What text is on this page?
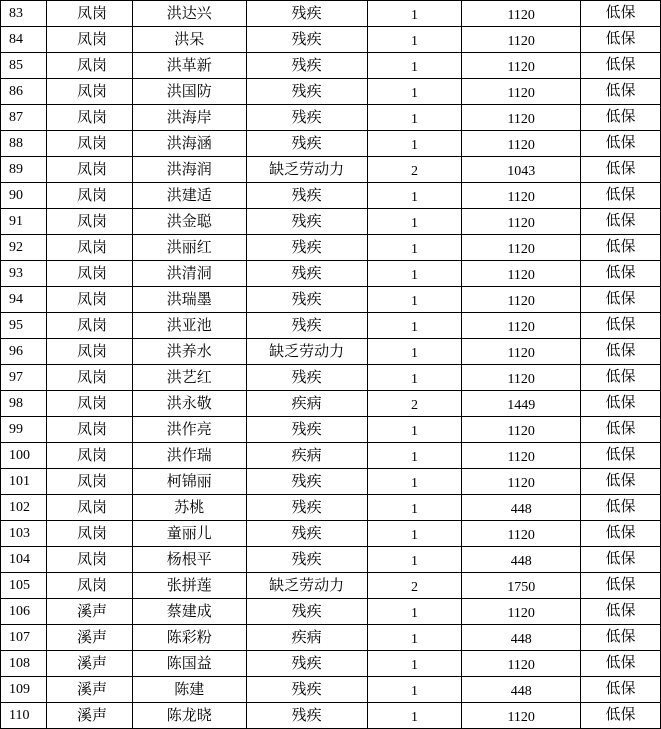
83	凤岗	洪达兴	残疾	1	1120	低保
84	凤岗	洪呆	残疾	1	1120	低保
85	凤岗	洪革新	残疾	1	1120	低保
86	凤岗	洪国防	残疾	1	1120	低保
87	凤岗	洪海岸	残疾	1	1120	低保
88	凤岗	洪海涵	残疾	1	1120	低保
89	凤岗	洪海润	缺乏劳动力	2	1043	低保
90	凤岗	洪建适	残疾	1	1120	低保
91	凤岗	洪金聪	残疾	1	1120	低保
92	凤岗	洪丽红	残疾	1	1120	低保
93	凤岗	洪清洞	残疾	1	1120	低保
94	凤岗	洪瑞墨	残疾	1	1120	低保
95	凤岗	洪亚池	残疾	1	1120	低保
96	凤岗	洪养水	缺乏劳动力	1	1120	低保
97	凤岗	洪艺红	残疾	1	1120	低保
98	凤岗	洪永敬	疾病	2	1449	低保
99	凤岗	洪作亮	残疾	1	1120	低保
100	凤岗	洪作瑞	疾病	1	1120	低保
101	凤岗	柯锦丽	残疾	1	1120	低保
102	凤岗	苏桃	残疾	1	448	低保
103	凤岗	童丽儿	残疾	1	1120	低保
104	凤岗	杨根平	残疾	1	448	低保
105	凤岗	张拼莲	缺乏劳动力	2	1750	低保
106	溪声	蔡建成	残疾	1	1120	低保
107	溪声	陈彩粉	疾病	1	448	低保
108	溪声	陈国益	残疾	1	1120	低保
109	溪声	陈建	残疾	1	448	低保
110	溪声	陈龙晓	残疾	1	1120	低保
